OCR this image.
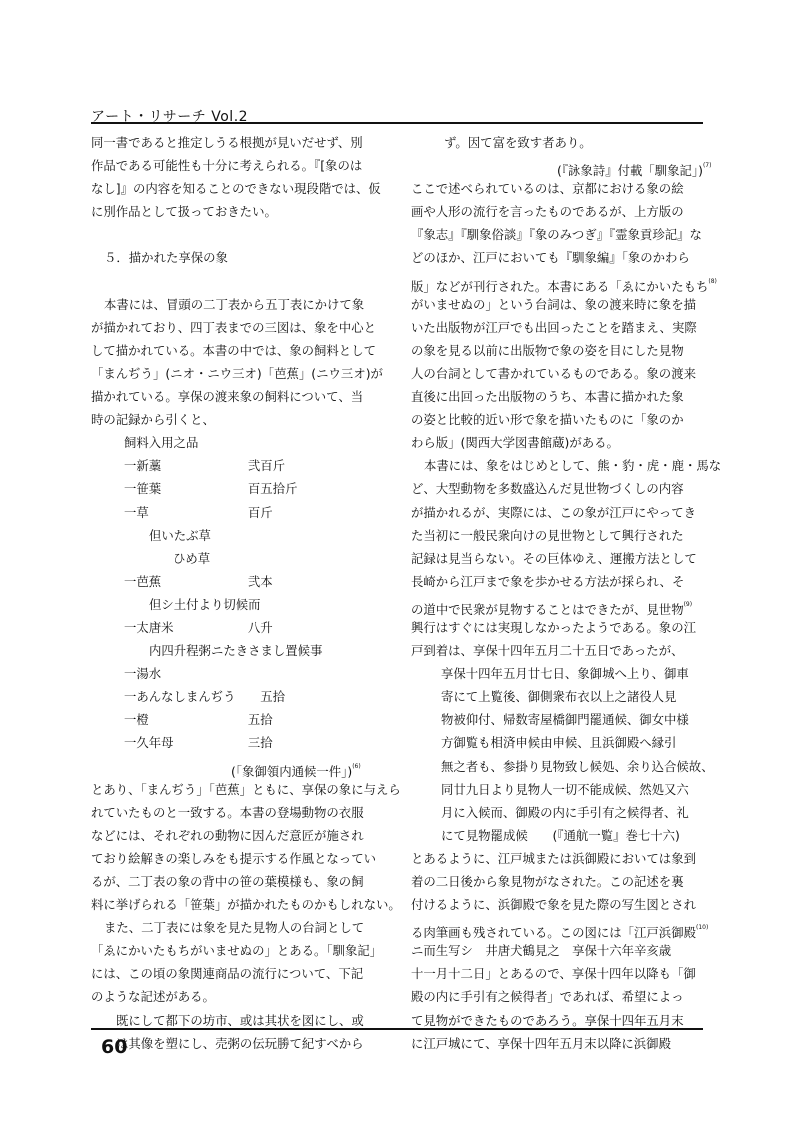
アート・リサーチ Vol.2
同一書であると推定しうる根拠が見いだせず、別
作品である可能性も十分に考えられる。『[象のは
なし]』の内容を知ることのできない現段階では、仮
に別作品として扱っておきたい。
５．描かれた享保の象
本書には、冒頭の二丁表から五丁表にかけて象
が描かれており、四丁表までの三図は、象を中心と
して描かれている。本書の中では、象の飼料として
「まんぢう」(ニオ・ニウ三オ)「芭蕉」(ニウ三オ)が
描かれている。享保の渡来象の飼料について、当
時の記録から引くと、
飼料入用之品
一新藁　　　　　　　弐百斤
一笹葉　　　　　　　百五拾斤
一草　　　　　　　　百斤
但いたぶ草
ひめ草
一芭蕉　　　　　　　弐本
但シ土付より切候而
一太唐米　　　　　　八升
内四升程粥ニたきさまし置候事
一湯水
一あんなしまんぢう　　五拾
一橙　　　　　　　　五拾
一久年母　　　　　　三拾
(「象御領内通候一件」)$^{(6)}$
とあり、「まんぢう」「芭蕉」ともに、享保の象に与えら
れていたものと一致する。本書の登場動物の衣服
などには、それぞれの動物に因んだ意匠が施され
ており絵解きの楽しみをも提示する作風となってい
るが、二丁表の象の背中の笹の葉模様も、象の飼
料に挙げられる「笹葉」が描かれたものかもしれない。
また、二丁表には象を見た見物人の台詞として
「ゑにかいたもちがいませぬの」とある。「馴象記」
には、この頃の象関連商品の流行について、下記
のような記述がある。
既にして都下の坊市、或は其状を図にし、或
は其像を塑にし、売粥の伝玩勝て紀すべから
ず。因て富を致す者あり。
(『詠象詩』付載「馴象記」)$^{(7)}$
ここで述べられているのは、京都における象の絵
画や人形の流行を言ったものであるが、上方版の
『象志』『馴象俗談』『象のみつぎ』『霊象貢珍記』な
どのほか、江戸においても『馴象編』「象のかわら
版」などが刊行された。本書にある「ゑにかいたもち$^{(8)}$
がいませぬの」という台詞は、象の渡来時に象を描
いた出版物が江戸でも出回ったことを踏まえ、実際
の象を見る以前に出版物で象の姿を目にした見物
人の台詞として書かれているものである。象の渡来
直後に出回った出版物のうち、本書に描かれた象
の姿と比較的近い形で象を描いたものに「象のか
わら版」(関西大学図書館蔵)がある。
本書には、象をはじめとして、熊・豹・虎・鹿・馬な
ど、大型動物を多数盛込んだ見世物づくしの内容
が描かれるが、実際には、この象が江戸にやってき
た当初に一般民衆向けの見世物として興行された
記録は見当らない。その巨体ゆえ、運搬方法として
長崎から江戸まで象を歩かせる方法が採られ、そ
の道中で民衆が見物することはできたが、見世物$^{(9)}$
興行はすぐには実現しなかったようである。象の江
戸到着は、享保十四年五月二十五日であったが、
享保十四年五月廿七日、象御城へ上り、御車
寄にて上覧後、御側衆布衣以上之諸役人見
物被仰付、帰数寄屋橋御門罷通候、御女中様
方御覧も相済申候由申候、且浜御殿へ縁引
無之者も、参掛り見物致し候処、余り込合候故、
同廿九日より見物人一切不能成候、然処又六
月に入候而、御殿の内に手引有之候得者、礼
にて見物罷成候　　(『通航一覧』巻七十六)
とあるように、江戸城または浜御殿においては象到
着の二日後から象見物がなされた。この記述を裏
付けるように、浜御殿で象を見た際の写生図とされ
る肉筆画も残されている。この図には「江戸浜御殿$^{(10)}$
ニ而生写シ　井唐犬鶴見之　享保十六年辛亥歳
十一月十二日」とあるので、享保十四年以降も「御
殿の内に手引有之候得者」であれば、希望によっ
て見物ができたものであろう。享保十四年五月末
に江戸城にて、享保十四年五月末以降に浜御殿
60
